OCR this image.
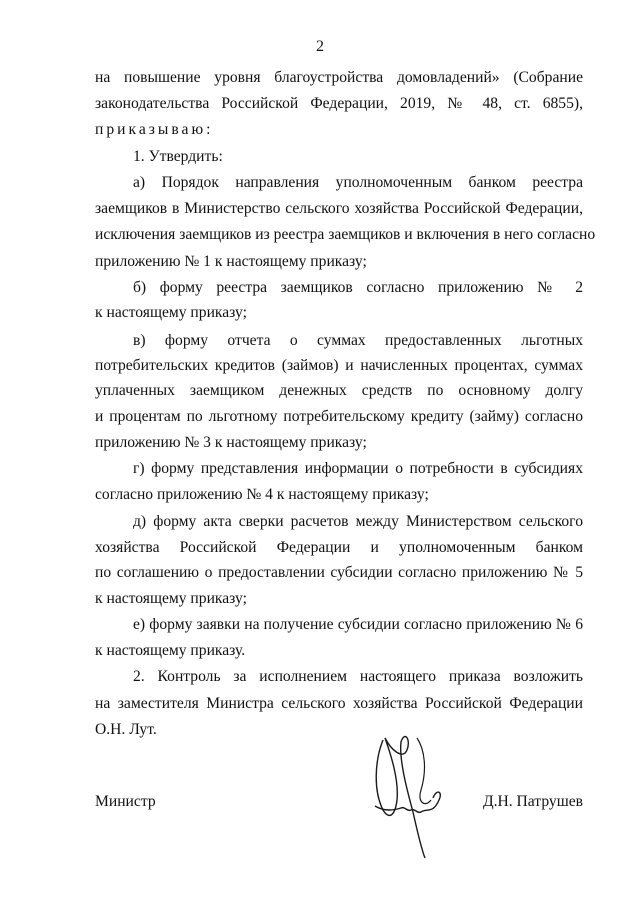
2
на повышение уровня благоустройства домовладений» (Собрание
законодательства Российской Федерации, 2019, № 48, ст. 6855),
приказываю:
1. Утвердить:
а) Порядок направления уполномоченным банком реестра
заемщиков в Министерство сельского хозяйства Российской Федерации,
исключения заемщиков из реестра заемщиков и включения в него согласно
приложению № 1 к настоящему приказу;
б) форму реестра заемщиков согласно приложению № 2
к настоящему приказу;
в) форму отчета о суммах предоставленных льготных
потребительских кредитов (займов) и начисленных процентах, суммах
уплаченных заемщиком денежных средств по основному долгу
и процентам по льготному потребительскому кредиту (займу) согласно
приложению № 3 к настоящему приказу;
г) форму представления информации о потребности в субсидиях
согласно приложению № 4 к настоящему приказу;
д) форму акта сверки расчетов между Министерством сельского
хозяйства Российской Федерации и уполномоченным банком
по соглашению о предоставлении субсидии согласно приложению № 5
к настоящему приказу;
е) форму заявки на получение субсидии согласно приложению № 6
к настоящему приказу.
2. Контроль за исполнением настоящего приказа возложить
на заместителя Министра сельского хозяйства Российской Федерации
О.Н. Лут.
Министр	Д.Н. Патрушев
